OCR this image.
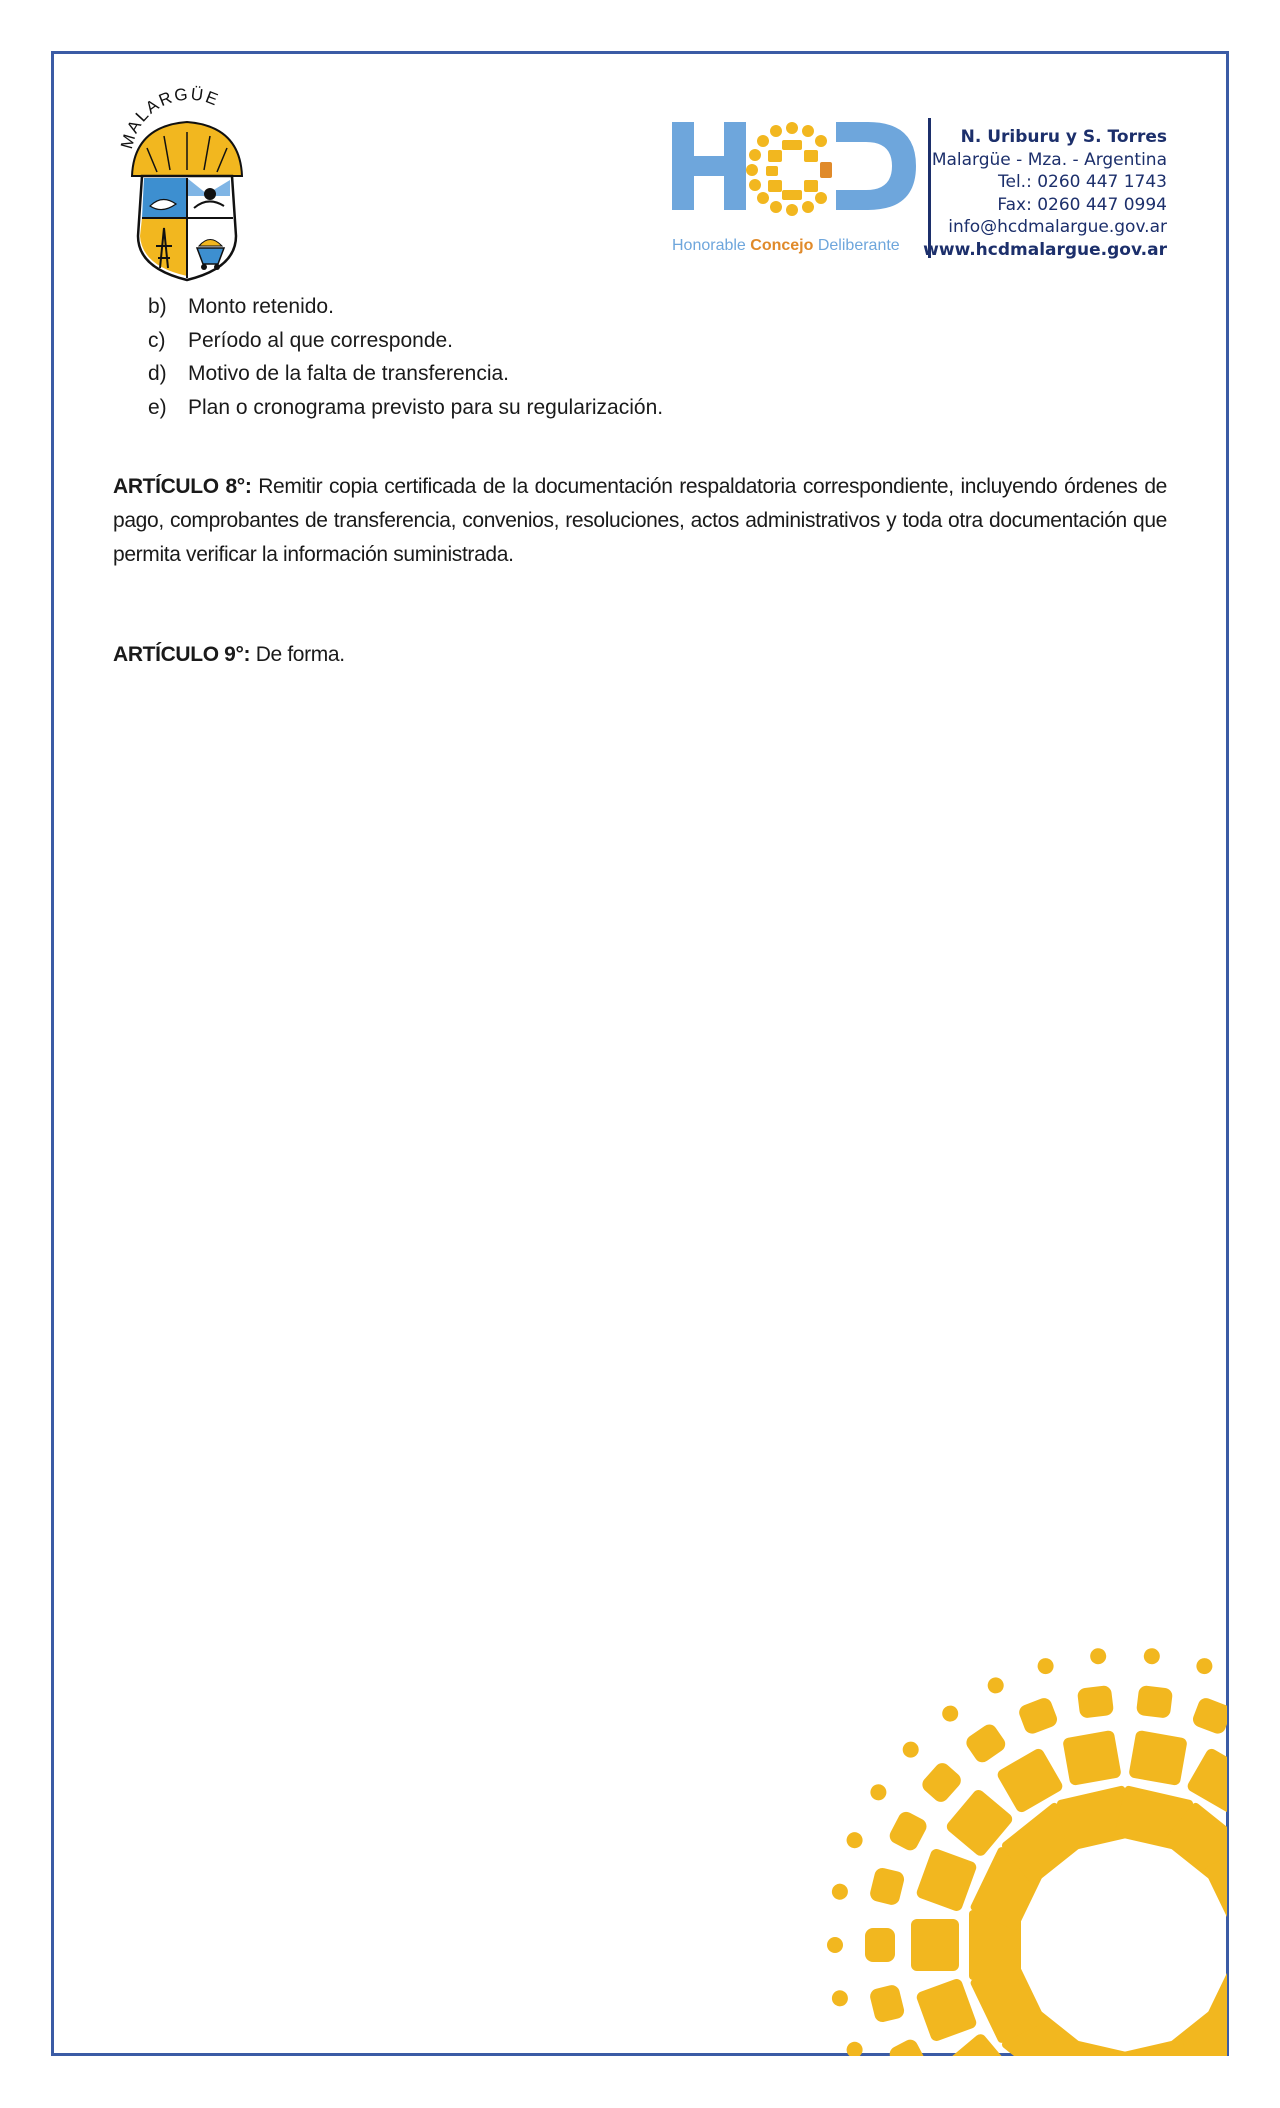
MALARGÜE
Honorable Concejo Deliberante
N. Uriburu y S. Torres
Malargüe - Mza. - Argentina
Tel.: 0260 447 1743
Fax: 0260 447 0994
info@hcdmalargue.gov.ar
www.hcdmalargue.gov.ar
b)	Monto retenido.
c)	Período al que corresponde.
d)	Motivo de la falta de transferencia.
e)	Plan o cronograma previsto para su regularización.

ARTÍCULO 8°: Remitir copia certificada de la documentación respaldatoria correspondiente, incluyendo órdenes de pago, comprobantes de transferencia, convenios, resoluciones, actos administrativos y toda otra documentación que permita verificar la información suministrada.

ARTÍCULO 9°: De forma.
